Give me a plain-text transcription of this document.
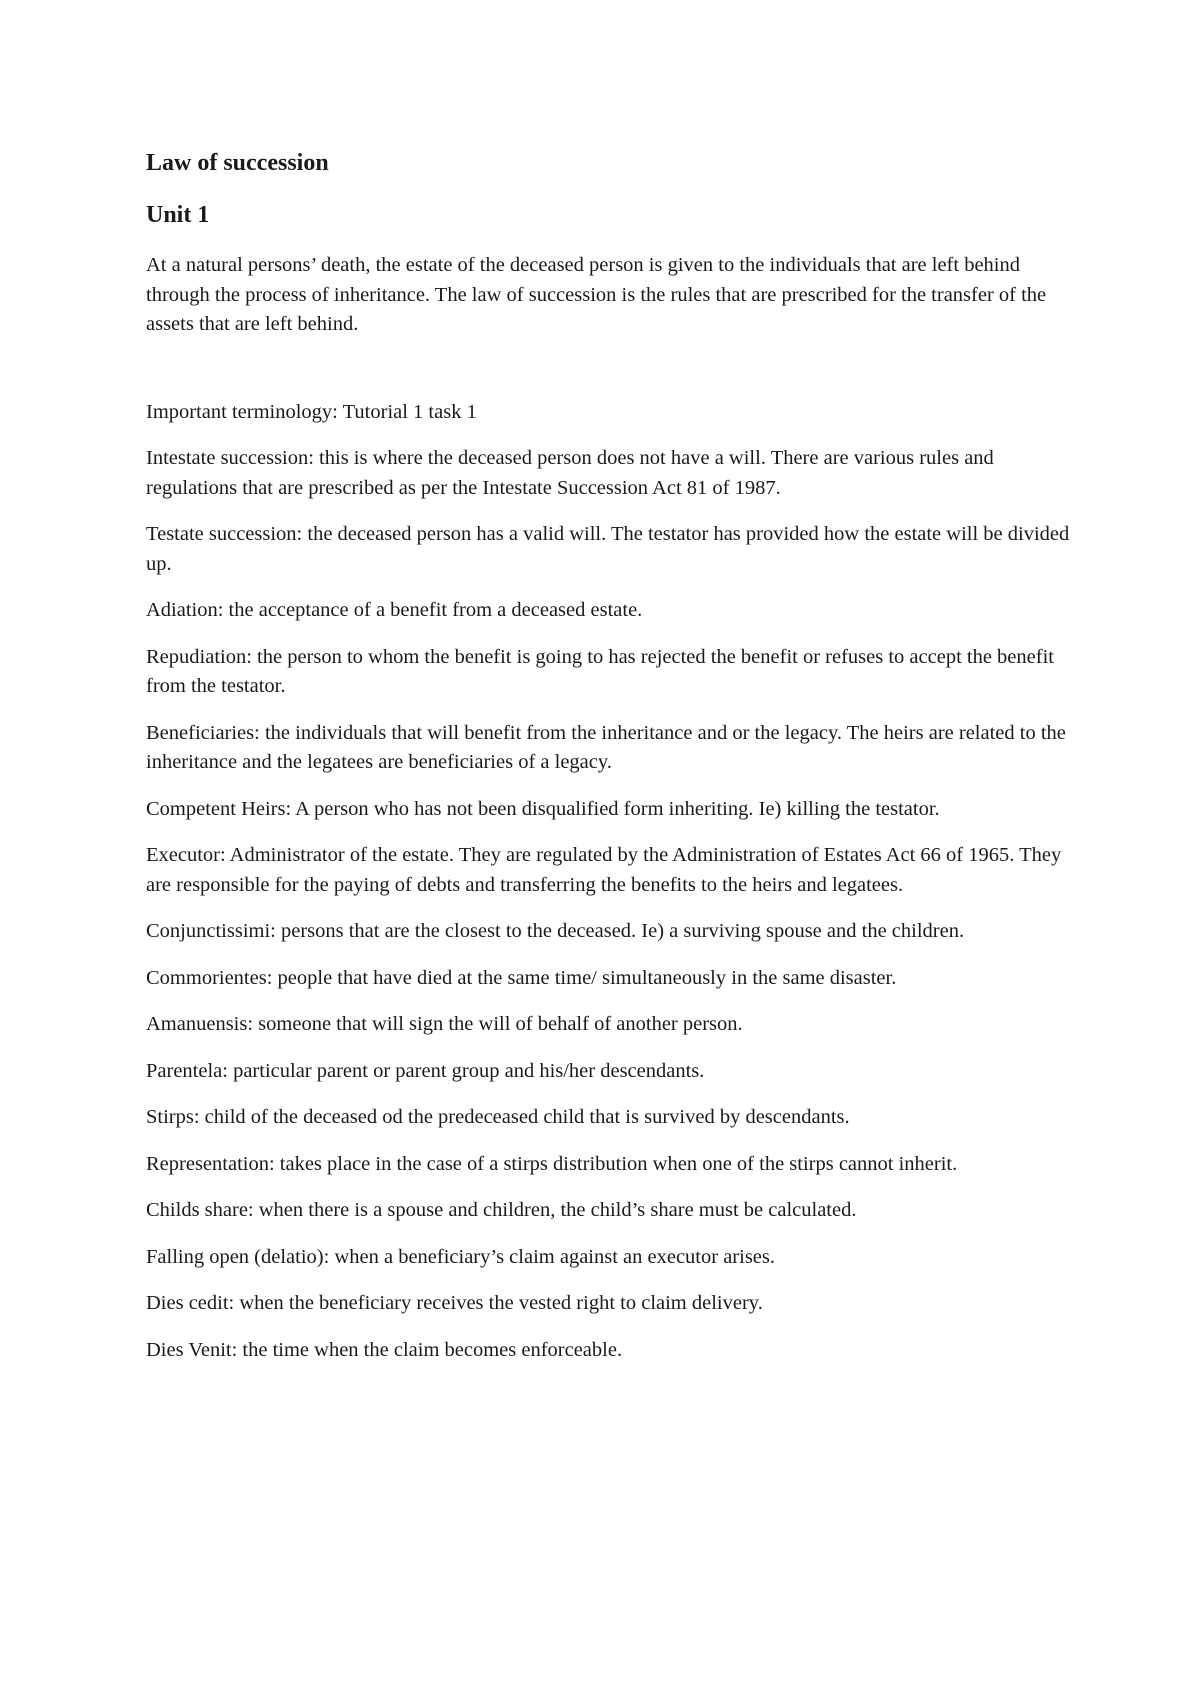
Law of succession
Unit 1

At a natural persons’ death, the estate of the deceased person is given to the individuals that are left behind through the process of inheritance. The law of succession is the rules that are prescribed for the transfer of the assets that are left behind.

Important terminology: Tutorial 1 task 1

Intestate succession: this is where the deceased person does not have a will. There are various rules and regulations that are prescribed as per the Intestate Succession Act 81 of 1987.

Testate succession: the deceased person has a valid will. The testator has provided how the estate will be divided up.

Adiation: the acceptance of a benefit from a deceased estate.

Repudiation: the person to whom the benefit is going to has rejected the benefit or refuses to accept the benefit from the testator.

Beneficiaries: the individuals that will benefit from the inheritance and or the legacy. The heirs are related to the inheritance and the legatees are beneficiaries of a legacy.

Competent Heirs: A person who has not been disqualified form inheriting. Ie) killing the testator.

Executor: Administrator of the estate. They are regulated by the Administration of Estates Act 66 of 1965. They are responsible for the paying of debts and transferring the benefits to the heirs and legatees.

Conjunctissimi: persons that are the closest to the deceased. Ie) a surviving spouse and the children.

Commorientes: people that have died at the same time/ simultaneously in the same disaster.

Amanuensis: someone that will sign the will of behalf of another person.

Parentela: particular parent or parent group and his/her descendants.

Stirps: child of the deceased od the predeceased child that is survived by descendants.

Representation: takes place in the case of a stirps distribution when one of the stirps cannot inherit.

Childs share: when there is a spouse and children, the child’s share must be calculated.

Falling open (delatio): when a beneficiary’s claim against an executor arises.

Dies cedit: when the beneficiary receives the vested right to claim delivery.

Dies Venit: the time when the claim becomes enforceable.
